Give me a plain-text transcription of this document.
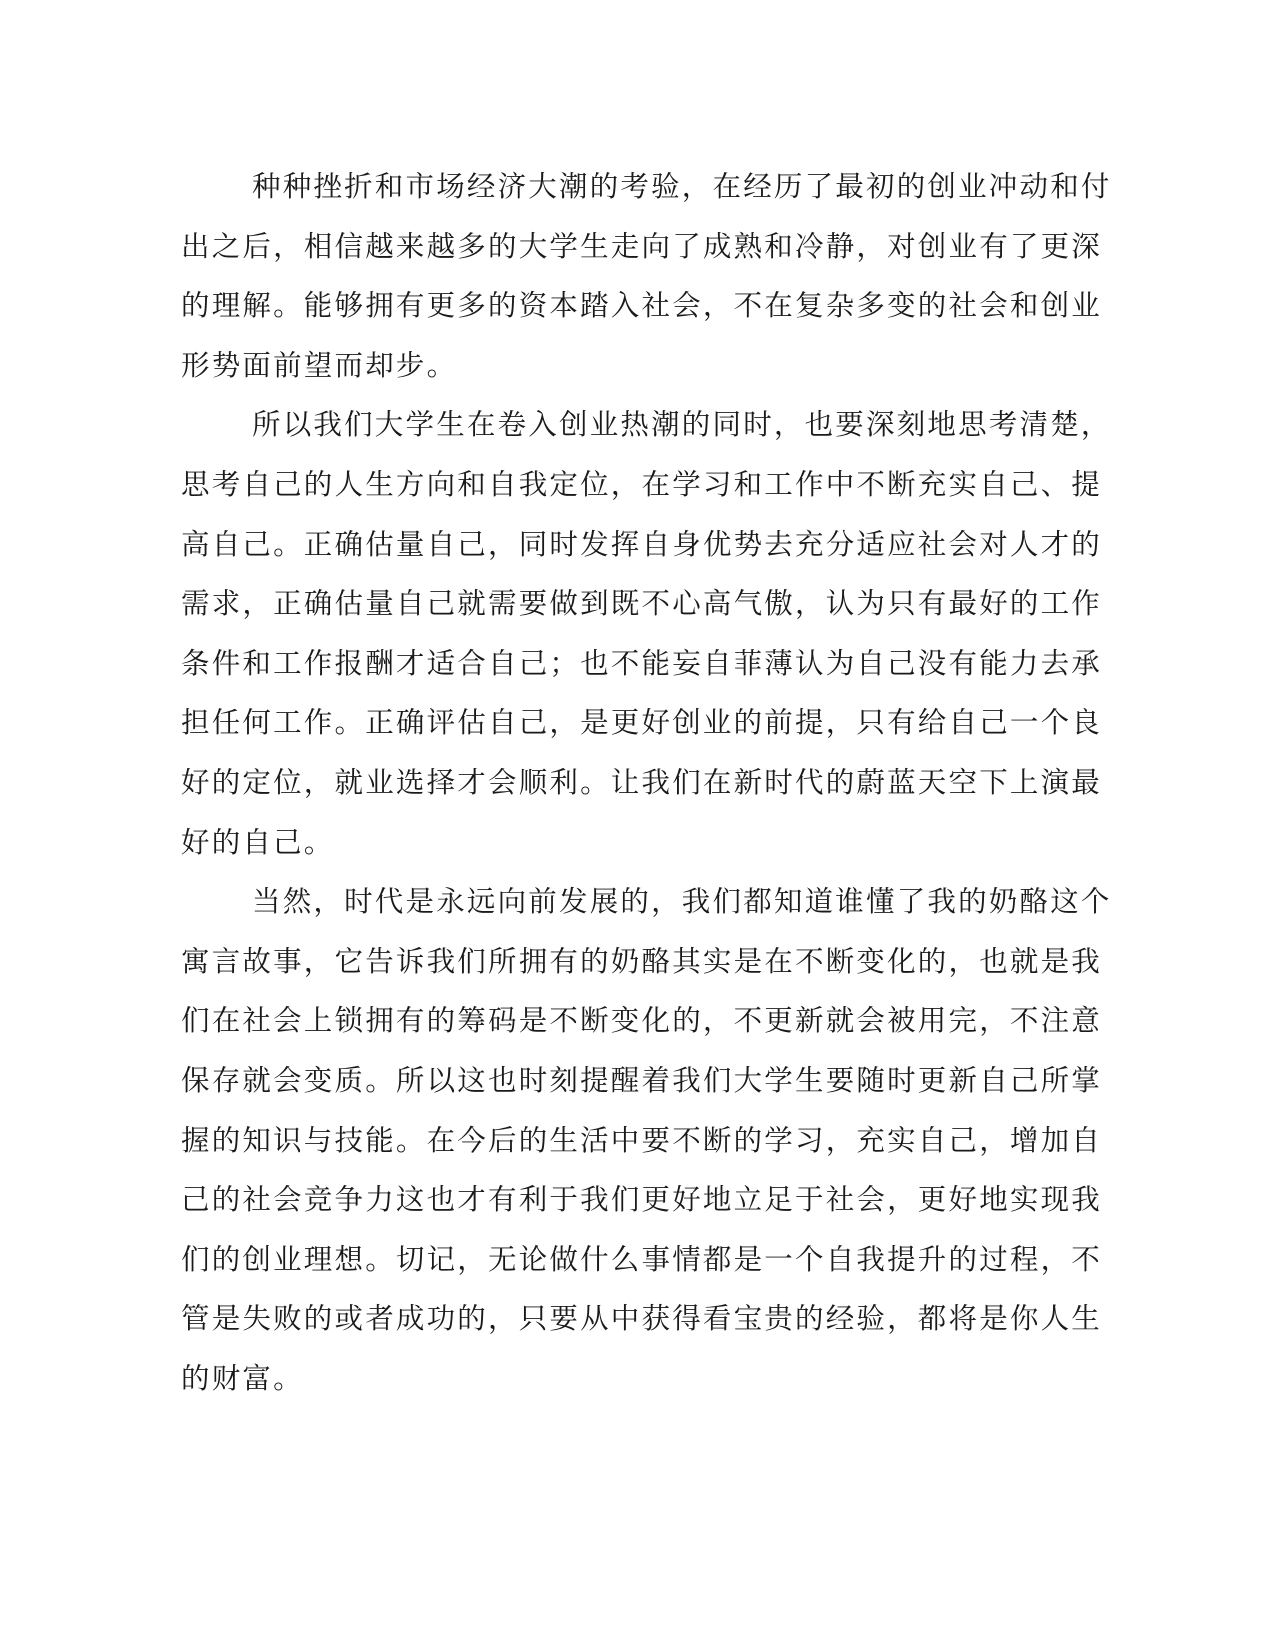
种种挫折和市场经济大潮的考验，在经历了最初的创业冲动和付
出之后，相信越来越多的大学生走向了成熟和冷静，对创业有了更深
的理解。能够拥有更多的资本踏入社会，不在复杂多变的社会和创业
形势面前望而却步。
所以我们大学生在卷入创业热潮的同时，也要深刻地思考清楚，
思考自己的人生方向和自我定位，在学习和工作中不断充实自己、提
高自己。正确估量自己，同时发挥自身优势去充分适应社会对人才的
需求，正确估量自己就需要做到既不心高气傲，认为只有最好的工作
条件和工作报酬才适合自己；也不能妄自菲薄认为自己没有能力去承
担任何工作。正确评估自己，是更好创业的前提，只有给自己一个良
好的定位，就业选择才会顺利。让我们在新时代的蔚蓝天空下上演最
好的自己。
当然，时代是永远向前发展的，我们都知道谁懂了我的奶酪这个
寓言故事，它告诉我们所拥有的奶酪其实是在不断变化的，也就是我
们在社会上锁拥有的筹码是不断变化的，不更新就会被用完，不注意
保存就会变质。所以这也时刻提醒着我们大学生要随时更新自己所掌
握的知识与技能。在今后的生活中要不断的学习，充实自己，增加自
己的社会竞争力这也才有利于我们更好地立足于社会，更好地实现我
们的创业理想。切记，无论做什么事情都是一个自我提升的过程，不
管是失败的或者成功的，只要从中获得看宝贵的经验，都将是你人生
的财富。
